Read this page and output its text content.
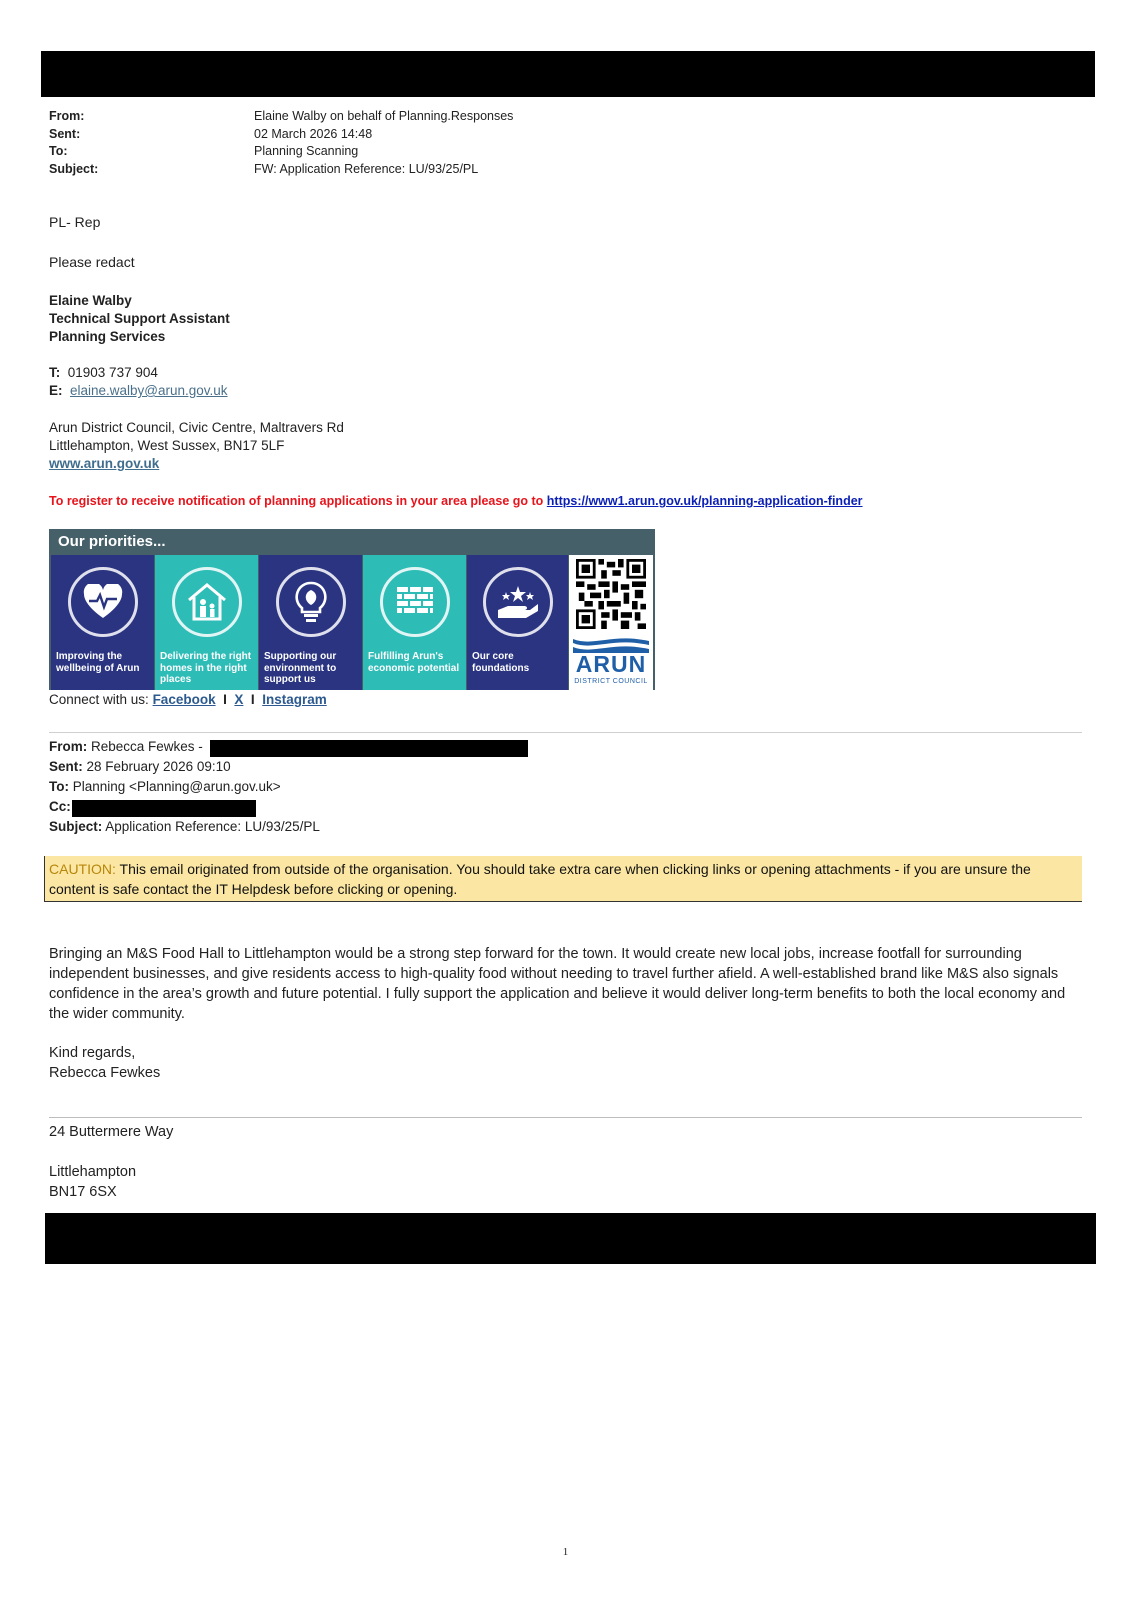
From:	Elaine Walby on behalf of Planning.Responses
Sent:	02 March 2026 14:48
To:	Planning Scanning
Subject:	FW: Application Reference: LU/93/25/PL
PL- Rep
Please redact
Elaine Walby
Technical Support Assistant
Planning Services
T: 01903 737 904
E: elaine.walby@arun.gov.uk
Arun District Council, Civic Centre, Maltravers Rd
Littlehampton, West Sussex, BN17 5LF
www.arun.gov.uk
To register to receive notification of planning applications in your area please go to https://www1.arun.gov.uk/planning-application-finder
Our priorities...
Improving the wellbeing of Arun
Delivering the right homes in the right places
Supporting our environment to support us
Fulfilling Arun's economic potential
Our core foundations	ARUN
DISTRICT COUNCIL
Connect with us: Facebook I X I Instagram
From: Rebecca Fewkes -
Sent: 28 February 2026 09:10
To: Planning <Planning@arun.gov.uk>
Cc:
Subject: Application Reference: LU/93/25/PL
CAUTION: This email originated from outside of the organisation. You should take extra care when clicking links or opening attachments - if you are unsure the content is safe contact the IT Helpdesk before clicking or opening.
Bringing an M&S Food Hall to Littlehampton would be a strong step forward for the town. It would create new local jobs, increase footfall for surrounding independent businesses, and give residents access to high-quality food without needing to travel further afield. A well-established brand like M&S also signals confidence in the area’s growth and future potential. I fully support the application and believe it would deliver long-term benefits to both the local economy and the wider community.
Kind regards,
Rebecca Fewkes
24 Buttermere Way
Littlehampton
BN17 6SX
1
